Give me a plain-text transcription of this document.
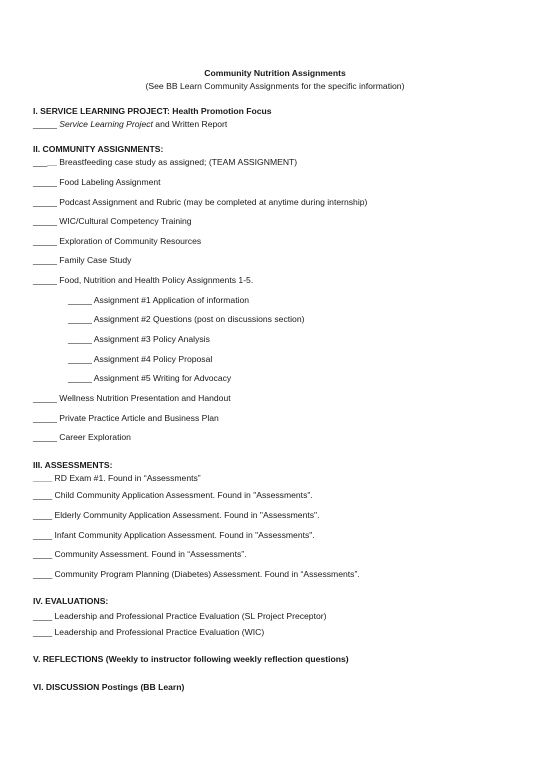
Community Nutrition Assignments
(See BB Learn Community Assignments for the specific information)
I. SERVICE LEARNING PROJECT: Health Promotion Focus
_____ Service Learning Project and Written Report
II. COMMUNITY ASSIGNMENTS:
_____ Breastfeeding case study as assigned; (TEAM ASSIGNMENT)
_____ Food Labeling Assignment
_____ Podcast Assignment and Rubric (may be completed at anytime during internship)
_____ WIC/Cultural Competency Training
_____ Exploration of Community Resources
_____ Family Case Study
_____ Food, Nutrition and Health Policy Assignments 1-5.
_____ Assignment #1 Application of information
_____ Assignment #2 Questions (post on discussions section)
_____ Assignment #3 Policy Analysis
_____ Assignment #4 Policy Proposal
_____ Assignment #5 Writing for Advocacy
_____ Wellness Nutrition Presentation and Handout
_____ Private Practice Article and Business Plan
_____ Career Exploration
III. ASSESSMENTS:
____ RD Exam #1. Found in “Assessments”
____ Child Community Application Assessment. Found in "Assessments".
____ Elderly Community Application Assessment. Found in "Assessments".
____ Infant Community Application Assessment. Found in "Assessments".
____ Community Assessment. Found in “Assessments”.
____ Community Program Planning (Diabetes) Assessment. Found in “Assessments”.
IV. EVALUATIONS:
____ Leadership and Professional Practice Evaluation (SL Project Preceptor)
____ Leadership and Professional Practice Evaluation (WIC)
V. REFLECTIONS (Weekly to instructor following weekly reflection questions)
VI. DISCUSSION Postings (BB Learn)
